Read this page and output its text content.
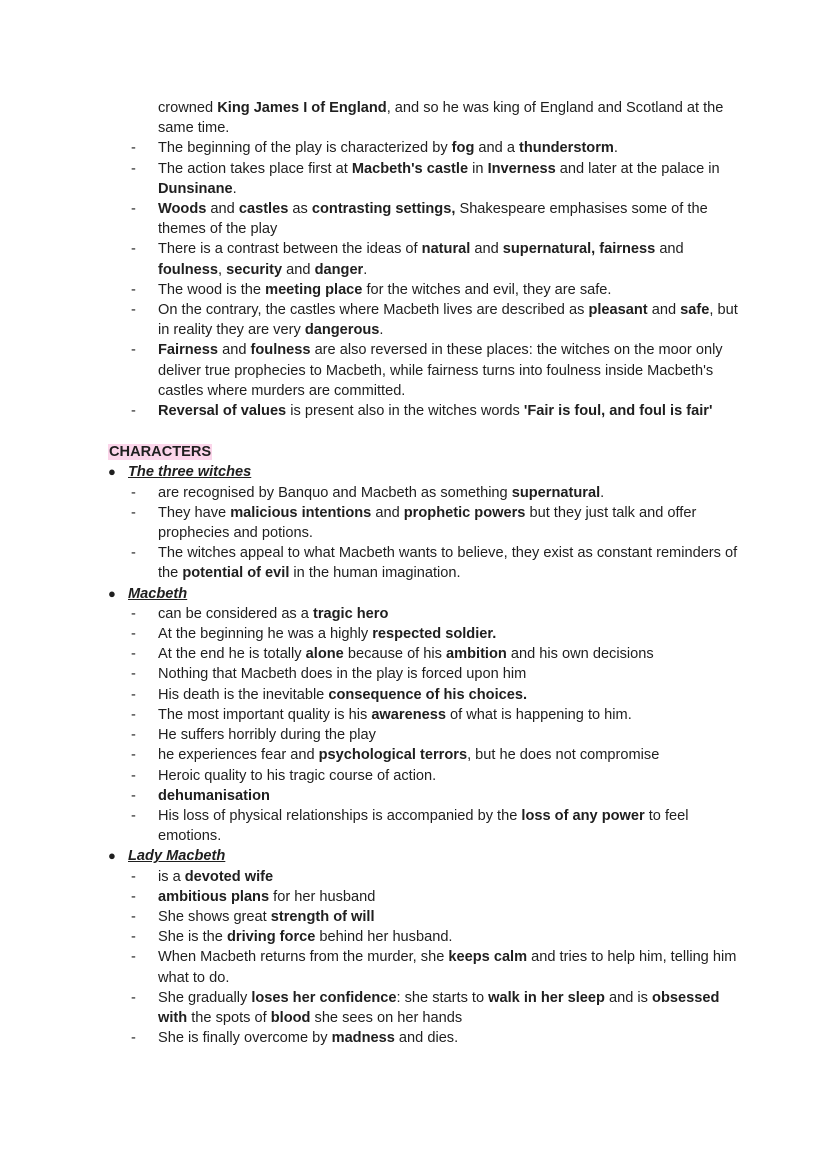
crowned King James I of England, and so he was king of England and Scotland at the same time.
- The beginning of the play is characterized by fog and a thunderstorm.
- The action takes place first at Macbeth's castle in Inverness and later at the palace in Dunsinane.
- Woods and castles as contrasting settings, Shakespeare emphasises some of the themes of the play
- There is a contrast between the ideas of natural and supernatural, fairness and foulness, security and danger.
- The wood is the meeting place for the witches and evil, they are safe.
- On the contrary, the castles where Macbeth lives are described as pleasant and safe, but in reality they are very dangerous.
- Fairness and foulness are also reversed in these places: the witches on the moor only deliver true prophecies to Macbeth, while fairness turns into foulness inside Macbeth's castles where murders are committed.
- Reversal of values is present also in the witches words 'Fair is foul, and foul is fair'
CHARACTERS
● The three witches
- are recognised by Banquo and Macbeth as something supernatural.
- They have malicious intentions and prophetic powers but they just talk and offer prophecies and potions.
- The witches appeal to what Macbeth wants to believe, they exist as constant reminders of the potential of evil in the human imagination.
● Macbeth
- can be considered as a tragic hero
- At the beginning he was a highly respected soldier.
- At the end he is totally alone because of his ambition and his own decisions
- Nothing that Macbeth does in the play is forced upon him
- His death is the inevitable consequence of his choices.
- The most important quality is his awareness of what is happening to him.
- He suffers horribly during the play
- he experiences fear and psychological terrors, but he does not compromise
- Heroic quality to his tragic course of action.
- dehumanisation
- His loss of physical relationships is accompanied by the loss of any power to feel emotions.
● Lady Macbeth
- is a devoted wife
- ambitious plans for her husband
- She shows great strength of will
- She is the driving force behind her husband.
- When Macbeth returns from the murder, she keeps calm and tries to help him, telling him what to do.
- She gradually loses her confidence: she starts to walk in her sleep and is obsessed with the spots of blood she sees on her hands
- She is finally overcome by madness and dies.
